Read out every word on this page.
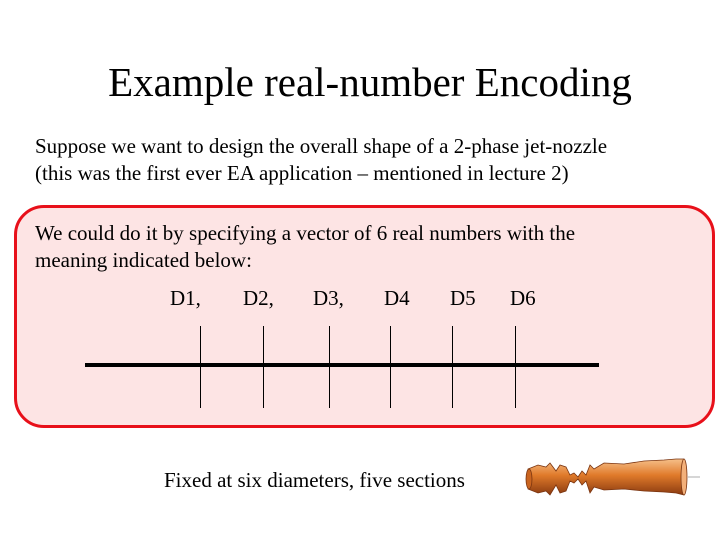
Example real-number Encoding
Suppose we want to design the overall shape of a 2-phase jet-nozzle
(this was the first ever EA application – mentioned in lecture 2)
We could do it by specifying a vector of 6 real numbers with the
meaning indicated below:
D1, D2, D3, D4 D5 D6
Fixed at six diameters, five sections
